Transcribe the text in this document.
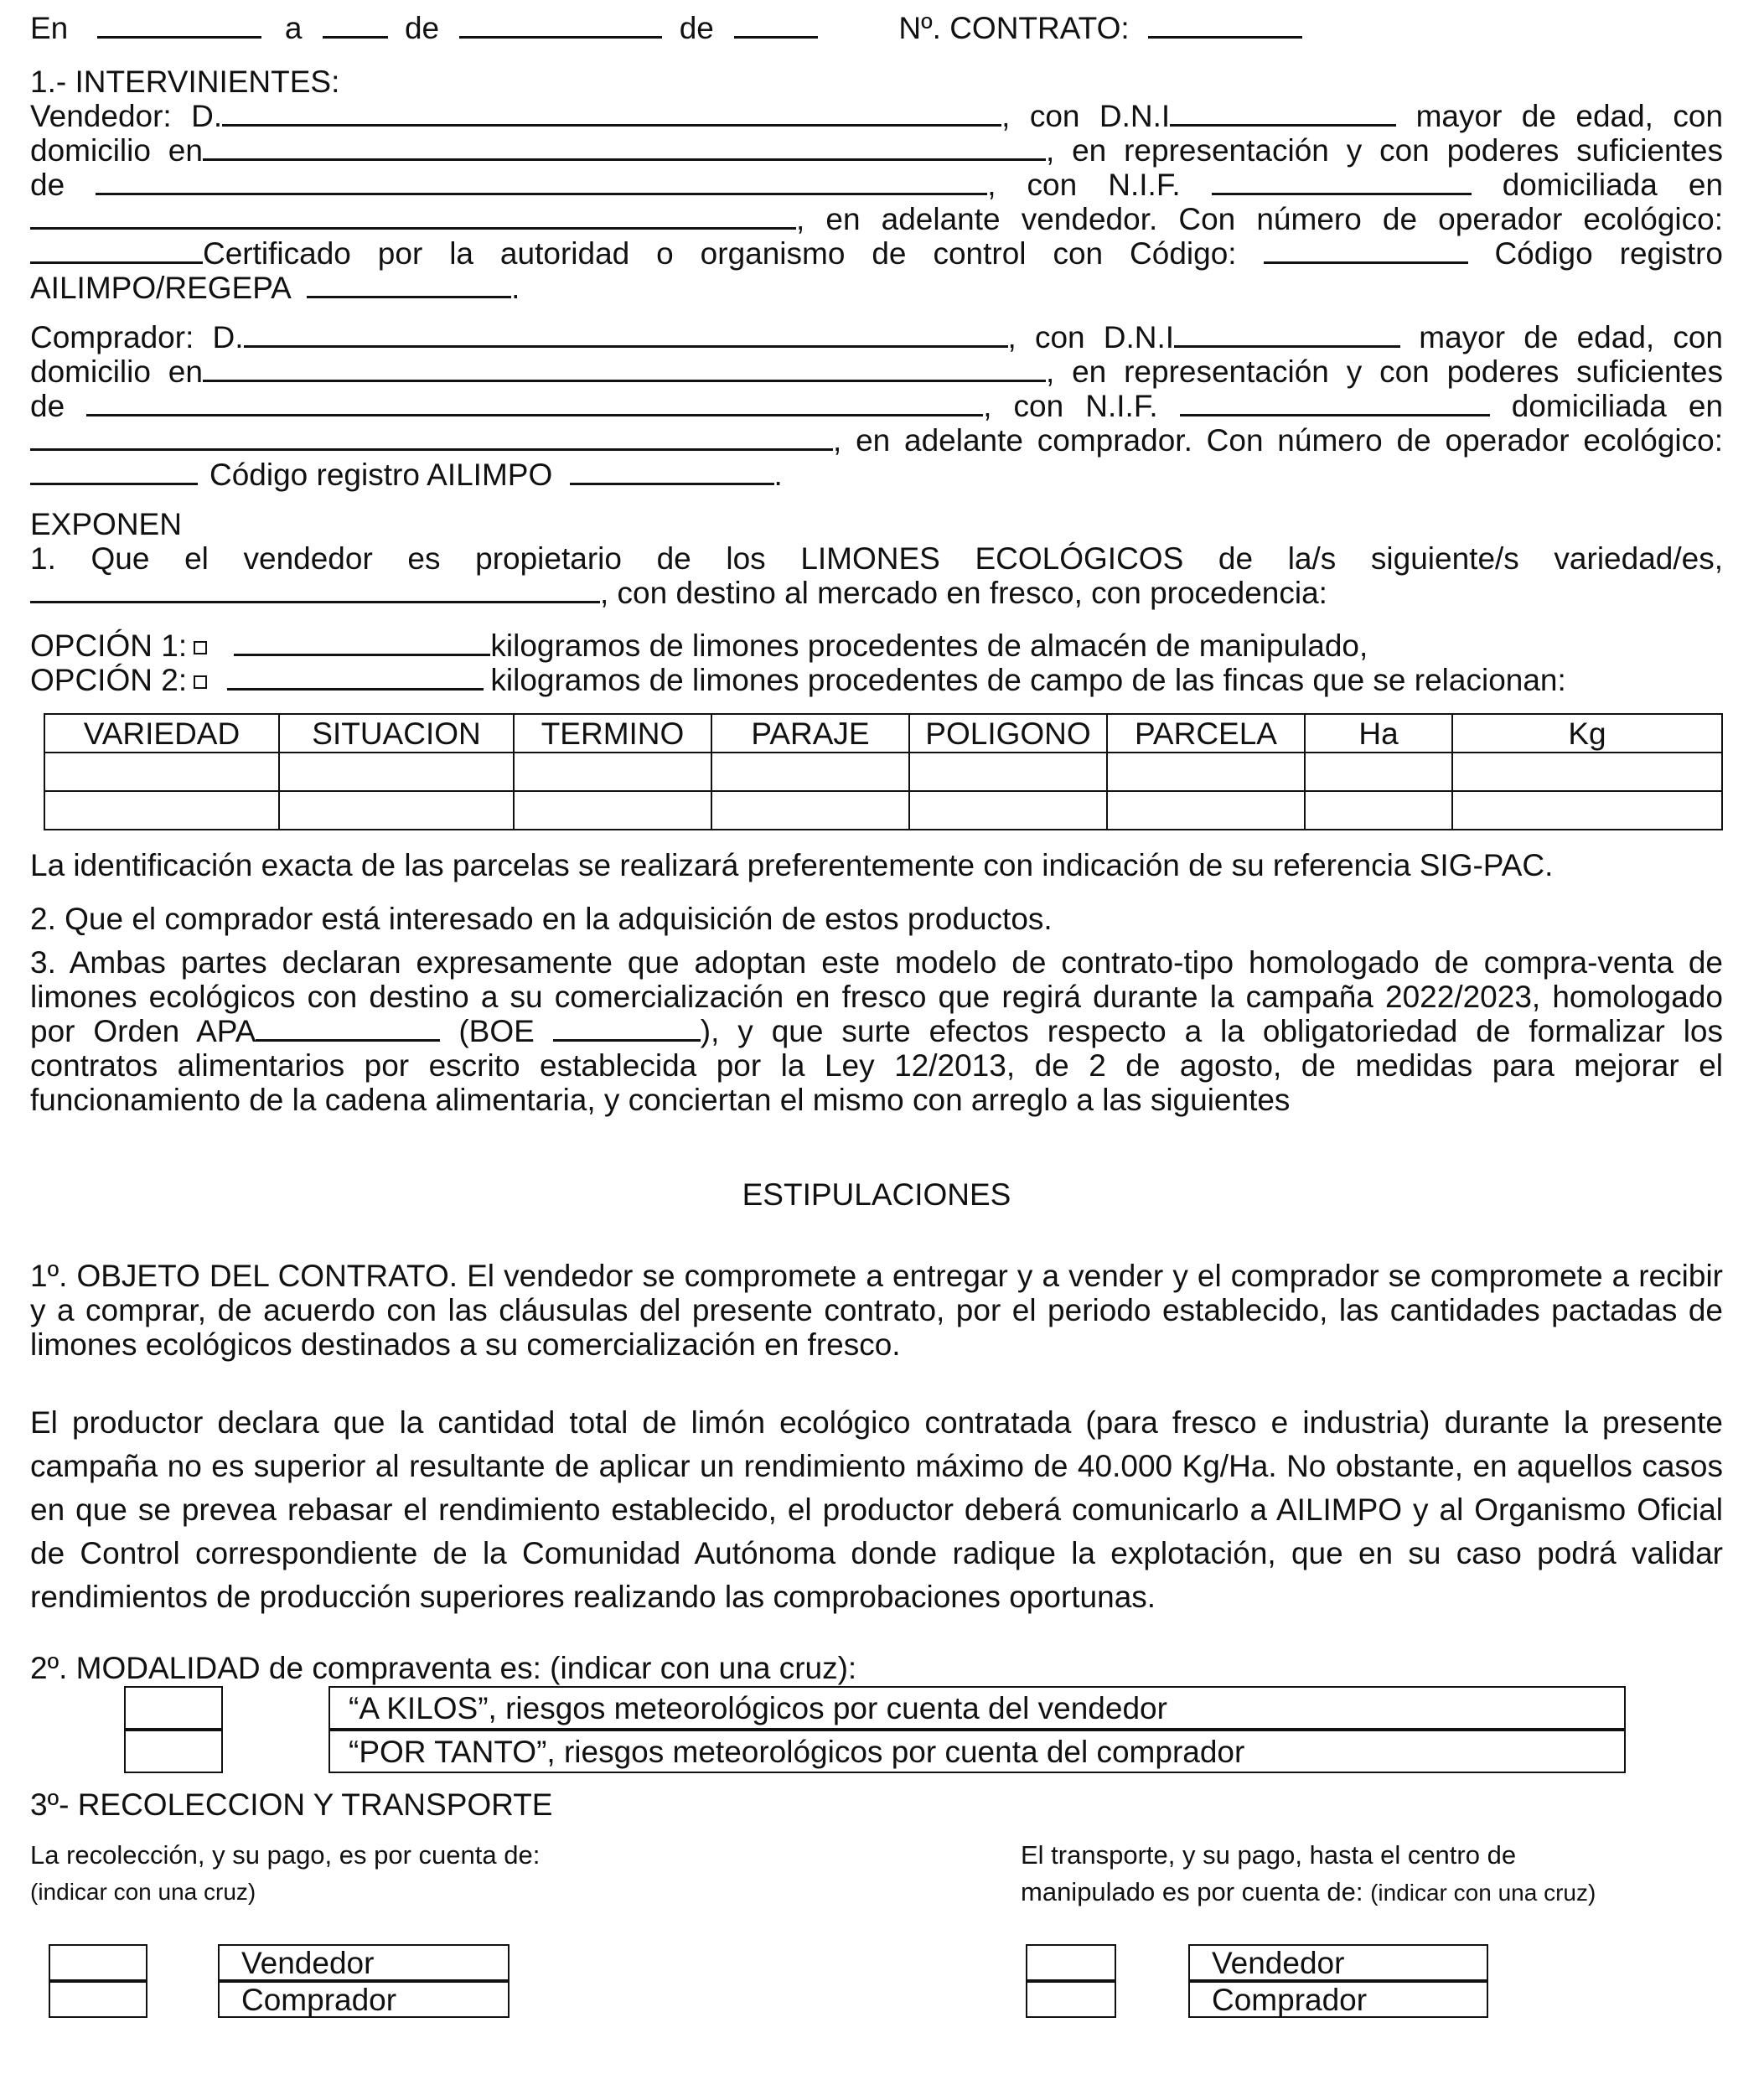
En	a	de	de	Nº. CONTRATO:
1.- INTERVINIENTES:
Vendedor: D.	, con D.N.I	mayor de edad, con
domicilio en	, en representación y con poderes suficientes
de	, con N.I.F.	domiciliada en
, en adelante vendedor. Con número de operador ecológico:
Certificado por la autoridad o organismo de control con Código:	Código registro
AILIMPO/REGEPA	.
Comprador: D.	, con D.N.I	mayor de edad, con
domicilio en	, en representación y con poderes suficientes
de	, con N.I.F.	domiciliada en
, en adelante comprador. Con número de operador ecológico:
Código registro AILIMPO	.
EXPONEN
1. Que el vendedor es propietario de los LIMONES ECOLÓGICOS de la/s siguiente/s variedad/es,
, con destino al mercado en fresco, con procedencia:
OPCIÓN 1:	kilogramos de limones procedentes de almacén de manipulado,
OPCIÓN 2:	kilogramos de limones procedentes de campo de las fincas que se relacionan:
VARIEDAD	SITUACION	TERMINO	PARAJE	POLIGONO	PARCELA	Ha	Kg

La identificación exacta de las parcelas se realizará preferentemente con indicación de su referencia SIG-PAC.
2. Que el comprador está interesado en la adquisición de estos productos.
3. Ambas partes declaran expresamente que adoptan este modelo de contrato-tipo homologado de compra-venta de
limones ecológicos con destino a su comercialización en fresco que regirá durante la campaña 2022/2023, homologado
por Orden APA	(BOE	), y que surte efectos respecto a la obligatoriedad de formalizar los
contratos alimentarios por escrito establecida por la Ley 12/2013, de 2 de agosto, de medidas para mejorar el
funcionamiento de la cadena alimentaria, y conciertan el mismo con arreglo a las siguientes
ESTIPULACIONES
1º. OBJETO DEL CONTRATO. El vendedor se compromete a entregar y a vender y el comprador se compromete a recibir
y a comprar, de acuerdo con las cláusulas del presente contrato, por el periodo establecido, las cantidades pactadas de
limones ecológicos destinados a su comercialización en fresco.
El productor declara que la cantidad total de limón ecológico contratada (para fresco e industria) durante la presente
campaña no es superior al resultante de aplicar un rendimiento máximo de 40.000 Kg/Ha. No obstante, en aquellos casos
en que se prevea rebasar el rendimiento establecido, el productor deberá comunicarlo a AILIMPO y al Organismo Oficial
de Control correspondiente de la Comunidad Autónoma donde radique la explotación, que en su caso podrá validar
rendimientos de producción superiores realizando las comprobaciones oportunas.
2º. MODALIDAD de compraventa es: (indicar con una cruz):
“A KILOS”, riesgos meteorológicos por cuenta del vendedor
“POR TANTO”, riesgos meteorológicos por cuenta del comprador
3º- RECOLECCION Y TRANSPORTE
La recolección, y su pago, es por cuenta de:
(indicar con una cruz)
El transporte, y su pago, hasta el centro de
manipulado es por cuenta de: (indicar con una cruz)
Vendedor
Comprador
Vendedor
Comprador
